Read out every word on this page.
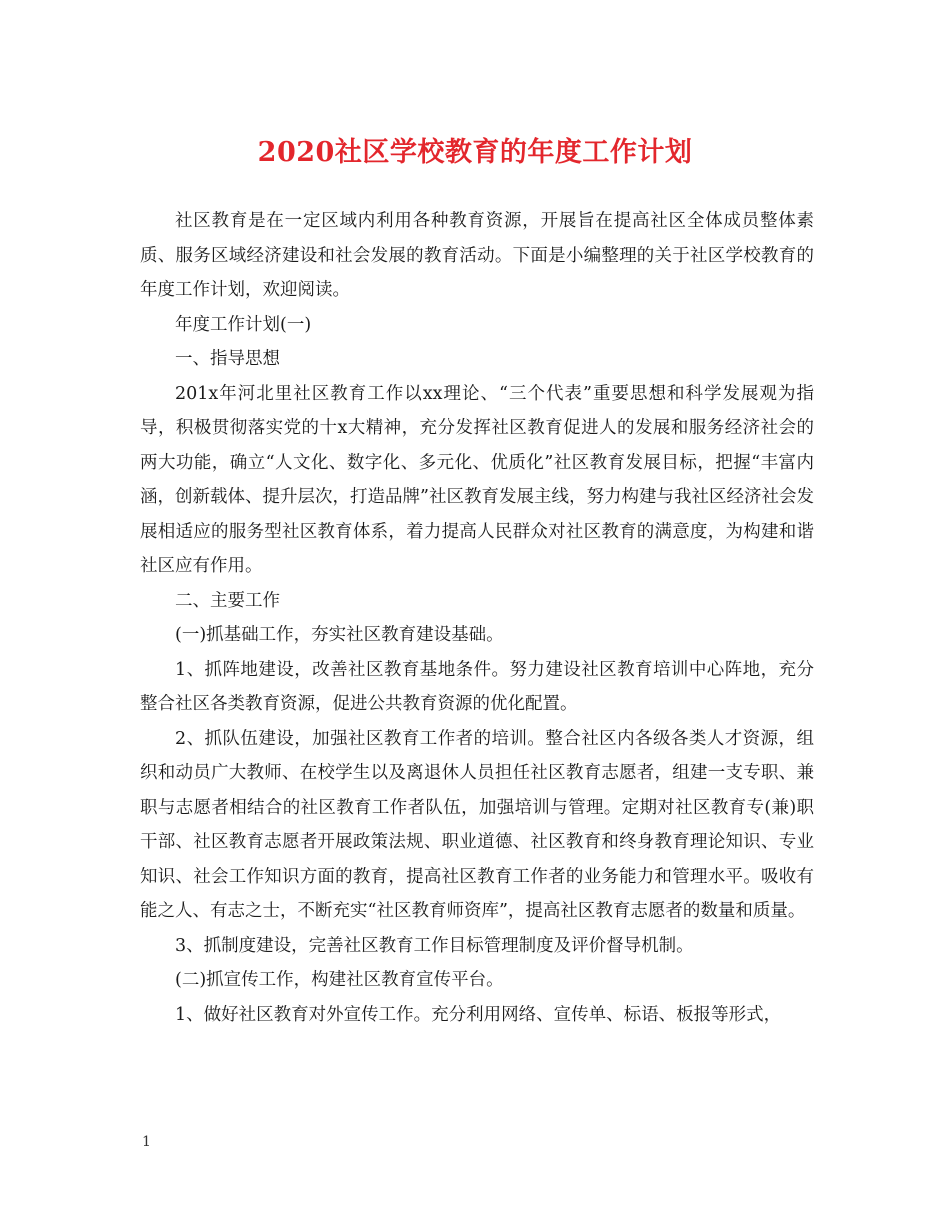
2020社区学校教育的年度工作计划

社区教育是在一定区域内利用各种教育资源，开展旨在提高社区全体成员整体素质、服务区域经济建设和社会发展的教育活动。下面是小编整理的关于社区学校教育的年度工作计划，欢迎阅读。

年度工作计划(一)

一、指导思想

201x年河北里社区教育工作以xx理论、“三个代表”重要思想和科学发展观为指导，积极贯彻落实党的十x大精神，充分发挥社区教育促进人的发展和服务经济社会的两大功能，确立“人文化、数字化、多元化、优质化”社区教育发展目标，把握“丰富内涵，创新载体、提升层次，打造品牌”社区教育发展主线，努力构建与我社区经济社会发展相适应的服务型社区教育体系，着力提高人民群众对社区教育的满意度，为构建和谐社区应有作用。

二、主要工作

(一)抓基础工作，夯实社区教育建设基础。

1、抓阵地建设，改善社区教育基地条件。努力建设社区教育培训中心阵地，充分整合社区各类教育资源，促进公共教育资源的优化配置。

2、抓队伍建设，加强社区教育工作者的培训。整合社区内各级各类人才资源，组织和动员广大教师、在校学生以及离退休人员担任社区教育志愿者，组建一支专职、兼职与志愿者相结合的社区教育工作者队伍，加强培训与管理。定期对社区教育专(兼)职干部、社区教育志愿者开展政策法规、职业道德、社区教育和终身教育理论知识、专业知识、社会工作知识方面的教育，提高社区教育工作者的业务能力和管理水平。吸收有能之人、有志之士，不断充实“社区教育师资库”，提高社区教育志愿者的数量和质量。

3、抓制度建设，完善社区教育工作目标管理制度及评价督导机制。

(二)抓宣传工作，构建社区教育宣传平台。

1、做好社区教育对外宣传工作。充分利用网络、宣传单、标语、板报等形式，

1
